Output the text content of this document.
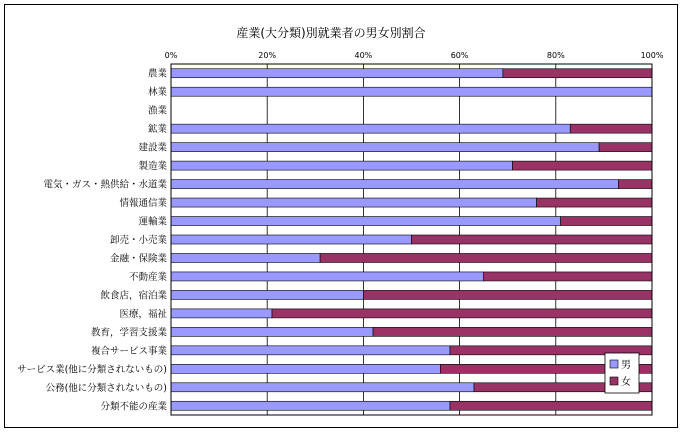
産業(大分類)別就業者の男女別割合
0%	20%	40%	60%	80%	100%
農業
林業
漁業
鉱業
建設業
製造業
電気・ガス・熱供給・水道業
情報通信業
運輸業
卸売・小売業
金融・保険業
不動産業
飲食店，宿泊業
医療，福祉
教育，学習支援業
複合サービス事業
サービス業(他に分類されないもの)
公務(他に分類されないもの)
分類不能の産業
男
女
